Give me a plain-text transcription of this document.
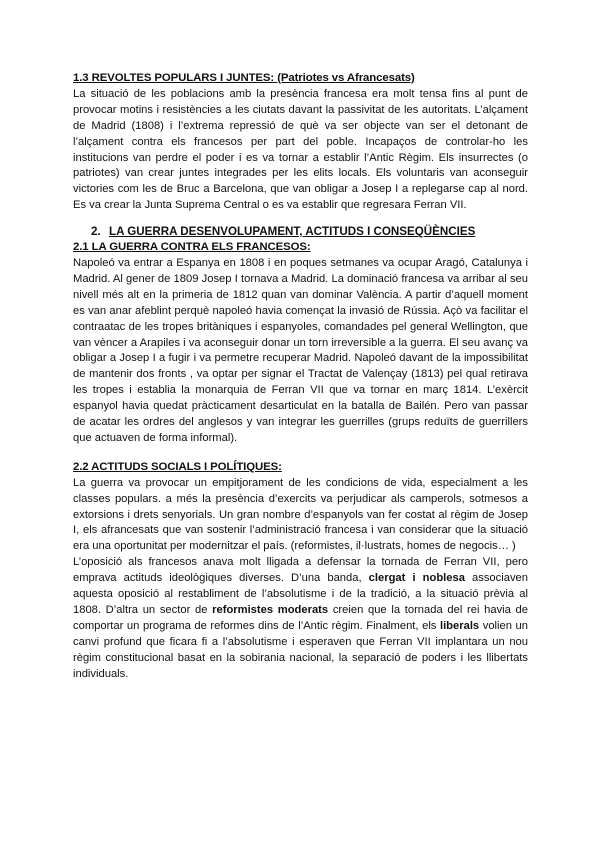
1.3 REVOLTES POPULARS I JUNTES: (Patriotes vs Afrancesats)

La situació de les poblacions amb la presència francesa era molt tensa fins al punt de provocar motins i resistències a les ciutats davant la passivitat de les autoritats. L’alçament de Madrid (1808) i l’extrema repressió de què va ser objecte van ser el detonant de l’alçament contra els francesos per part del poble. Incapaços de controlar-ho les institucions van perdre el poder i es va tornar a establir l’Antic Règim. Els insurrectes (o patriotes) van crear juntes integrades per les elits locals. Els voluntaris van aconseguir victories com les de Bruc a Barcelona, que van obligar a Josep I a replegarse cap al nord. Es va crear la Junta Suprema Central o es va establir que regresara Ferran VII.

2. LA GUERRA DESENVOLUPAMENT, ACTITUDS I CONSEQÜÈNCIES
2.1 LA GUERRA CONTRA ELS FRANCESOS:

Napoleó va entrar a Espanya en 1808 i en poques setmanes va ocupar Aragó, Catalunya i Madrid. Al gener de 1809 Josep I tornava a Madrid. La dominació francesa va arribar al seu nivell més alt en la primeria de 1812 quan van dominar València. A partir d’aquell moment es van anar afeblint perquè napoleó havia començat la invasió de Rússia. Açò va facilitar el contraatac de les tropes britàniques i espanyoles, comandades pel general Wellington, que van vèncer a Arapiles i va aconseguir donar un torn irreversible a la guerra. El seu avanç va obligar a Josep I a fugir i va permetre recuperar Madrid. Napoleó davant de la impossibilitat de mantenir dos fronts , va optar per signar el Tractat de Valençay (1813) pel qual retirava les tropes i establia la monarquia de Ferran VII que va tornar en març 1814. L’exèrcit espanyol havia quedat pràcticament desarticulat en la batalla de Bailén. Pero van passar de acatar les ordres del anglesos y van integrar les guerrilles (grups reduïts de guerrillers que actuaven de forma informal).

2.2 ACTITUDS SOCIALS I POLÍTIQUES:

La guerra va provocar un empitjorament de les condicions de vida, especialment a les classes populars. a més la presència d’exercits va perjudicar als camperols, sotmesos a extorsions i drets senyorials. Un gran nombre d’espanyols van fer costat al règim de Josep I, els afrancesats que van sostenir l’administració francesa i van considerar que la situació era una oportunitat per modernitzar el país. (reformistes, il·lustrats, homes de negocis… )

L’oposició als francesos anava molt lligada a defensar la tornada de Ferran VII, pero emprava actituds ideològiques diverses. D’una banda, clergat i noblesa associaven aquesta oposició al restabliment de l’absolutisme i de la tradició, a la situació prèvia al 1808. D’altra un sector de reformistes moderats creien que la tornada del rei havia de comportar un programa de reformes dins de l’Antic règim. Finalment, els liberals volien un canvi profund que ficara fi a l’absolutisme i esperaven que Ferran VII implantara un nou règim constitucional basat en la sobirania nacional, la separació de poders i les llibertats individuals.
